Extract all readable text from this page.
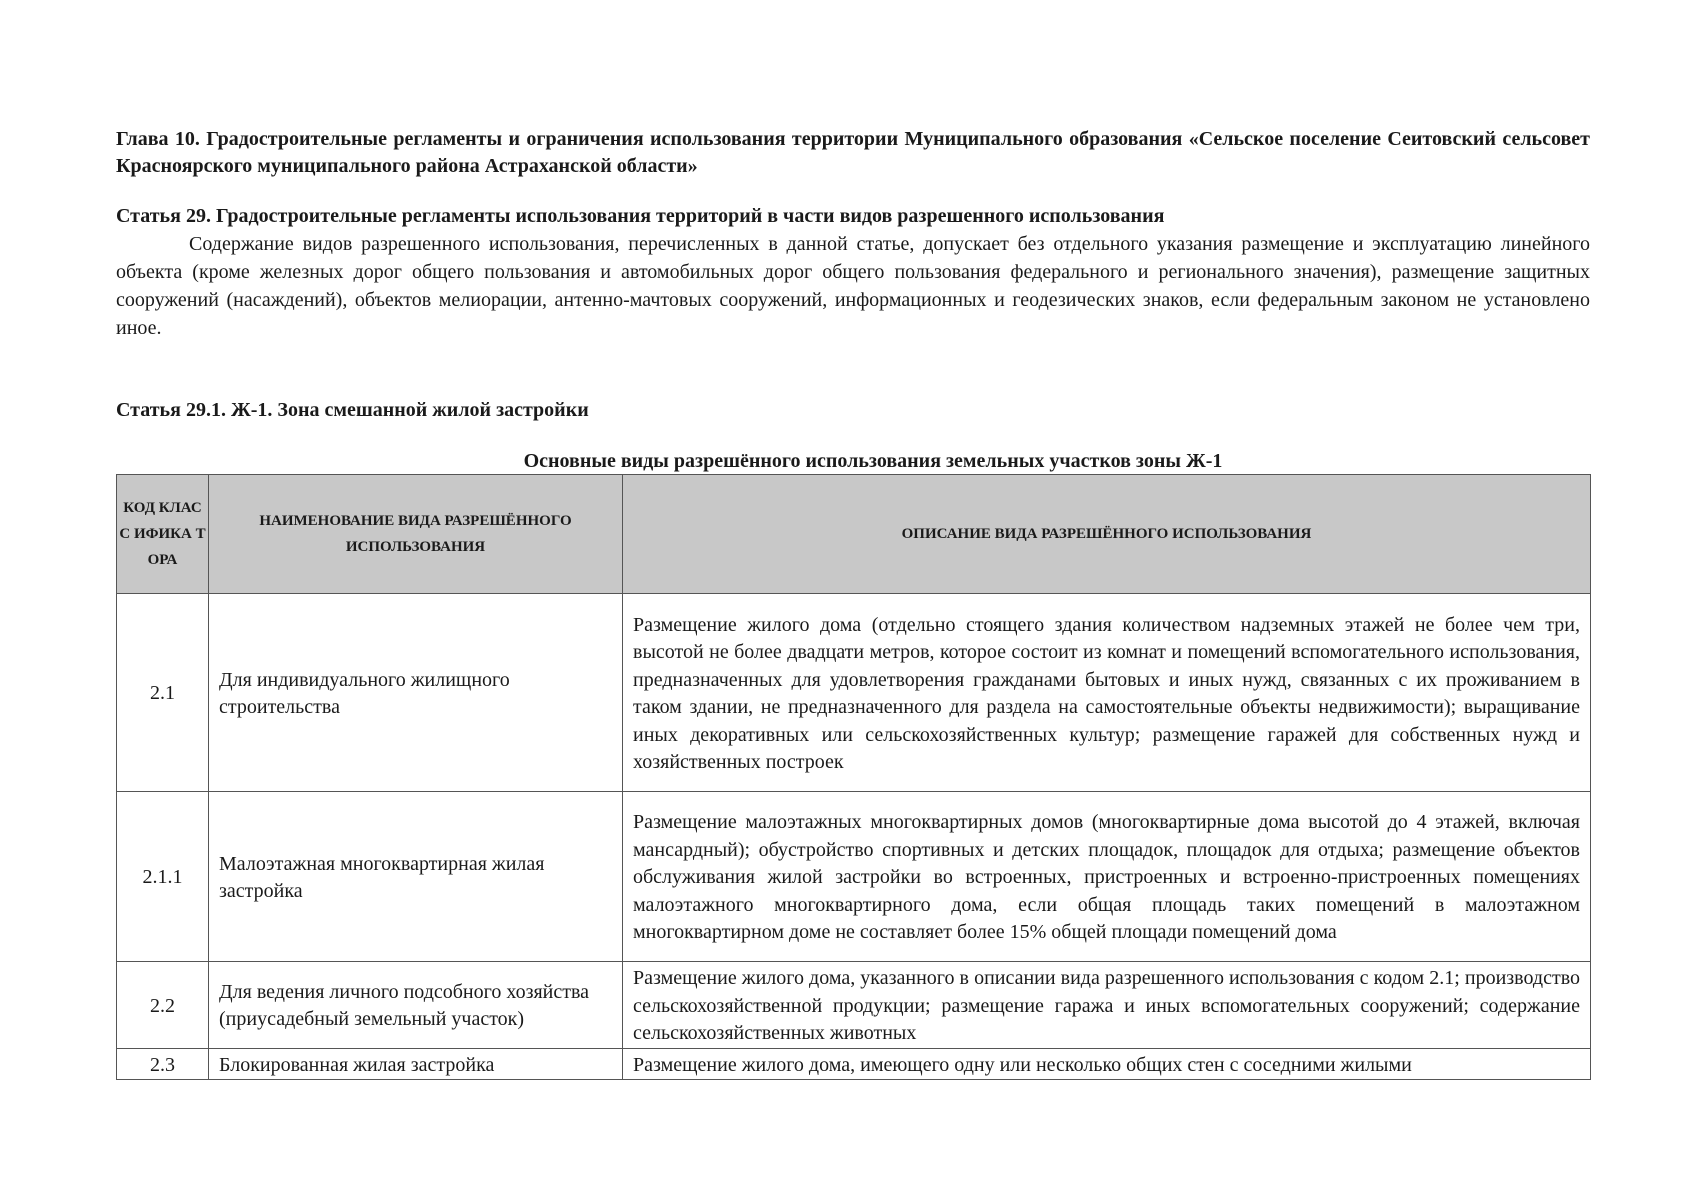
Глава 10. Градостроительные регламенты и ограничения использования территории Муниципального образования «Сельское поселение Сеитовский сельсовет Красноярского муниципального района Астраханской области»

Статья 29. Градостроительные регламенты использования территорий в части видов разрешенного использования

Содержание видов разрешенного использования, перечисленных в данной статье, допускает без отдельного указания размещение и эксплуатацию линейного объекта (кроме железных дорог общего пользования и автомобильных дорог общего пользования федерального и регионального значения), размещение защитных сооружений (насаждений), объектов мелиорации, антенно-мачтовых сооружений, информационных и геодезических знаков, если федеральным законом не установлено иное.

Статья 29.1. Ж-1. Зона смешанной жилой застройки

Основные виды разрешённого использования земельных участков зоны Ж-1

КОД КЛАСС ИФИКА ТОРА	НАИМЕНОВАНИЕ ВИДА РАЗРЕШЁННОГО ИСПОЛЬЗОВАНИЯ	ОПИСАНИЕ ВИДА РАЗРЕШЁННОГО ИСПОЛЬЗОВАНИЯ
2.1	Для индивидуального жилищного строительства	Размещение жилого дома (отдельно стоящего здания количеством надземных этажей не более чем три, высотой не более двадцати метров, которое состоит из комнат и помещений вспомогательного использования, предназначенных для удовлетворения гражданами бытовых и иных нужд, связанных с их проживанием в таком здании, не предназначенного для раздела на самостоятельные объекты недвижимости); выращивание иных декоративных или сельскохозяйственных культур; размещение гаражей для собственных нужд и хозяйственных построек
2.1.1	Малоэтажная многоквартирная жилая застройка	Размещение малоэтажных многоквартирных домов (многоквартирные дома высотой до 4 этажей, включая мансардный); обустройство спортивных и детских площадок, площадок для отдыха; размещение объектов обслуживания жилой застройки во встроенных, пристроенных и встроенно-пристроенных помещениях малоэтажного многоквартирного дома, если общая площадь таких помещений в малоэтажном многоквартирном доме не составляет более 15% общей площади помещений дома
2.2	Для ведения личного подсобного хозяйства (приусадебный земельный участок)	Размещение жилого дома, указанного в описании вида разрешенного использования с кодом 2.1; производство сельскохозяйственной продукции; размещение гаража и иных вспомогательных сооружений; содержание сельскохозяйственных животных
2.3	Блокированная жилая застройка	Размещение жилого дома, имеющего одну или несколько общих стен с соседними жилыми
